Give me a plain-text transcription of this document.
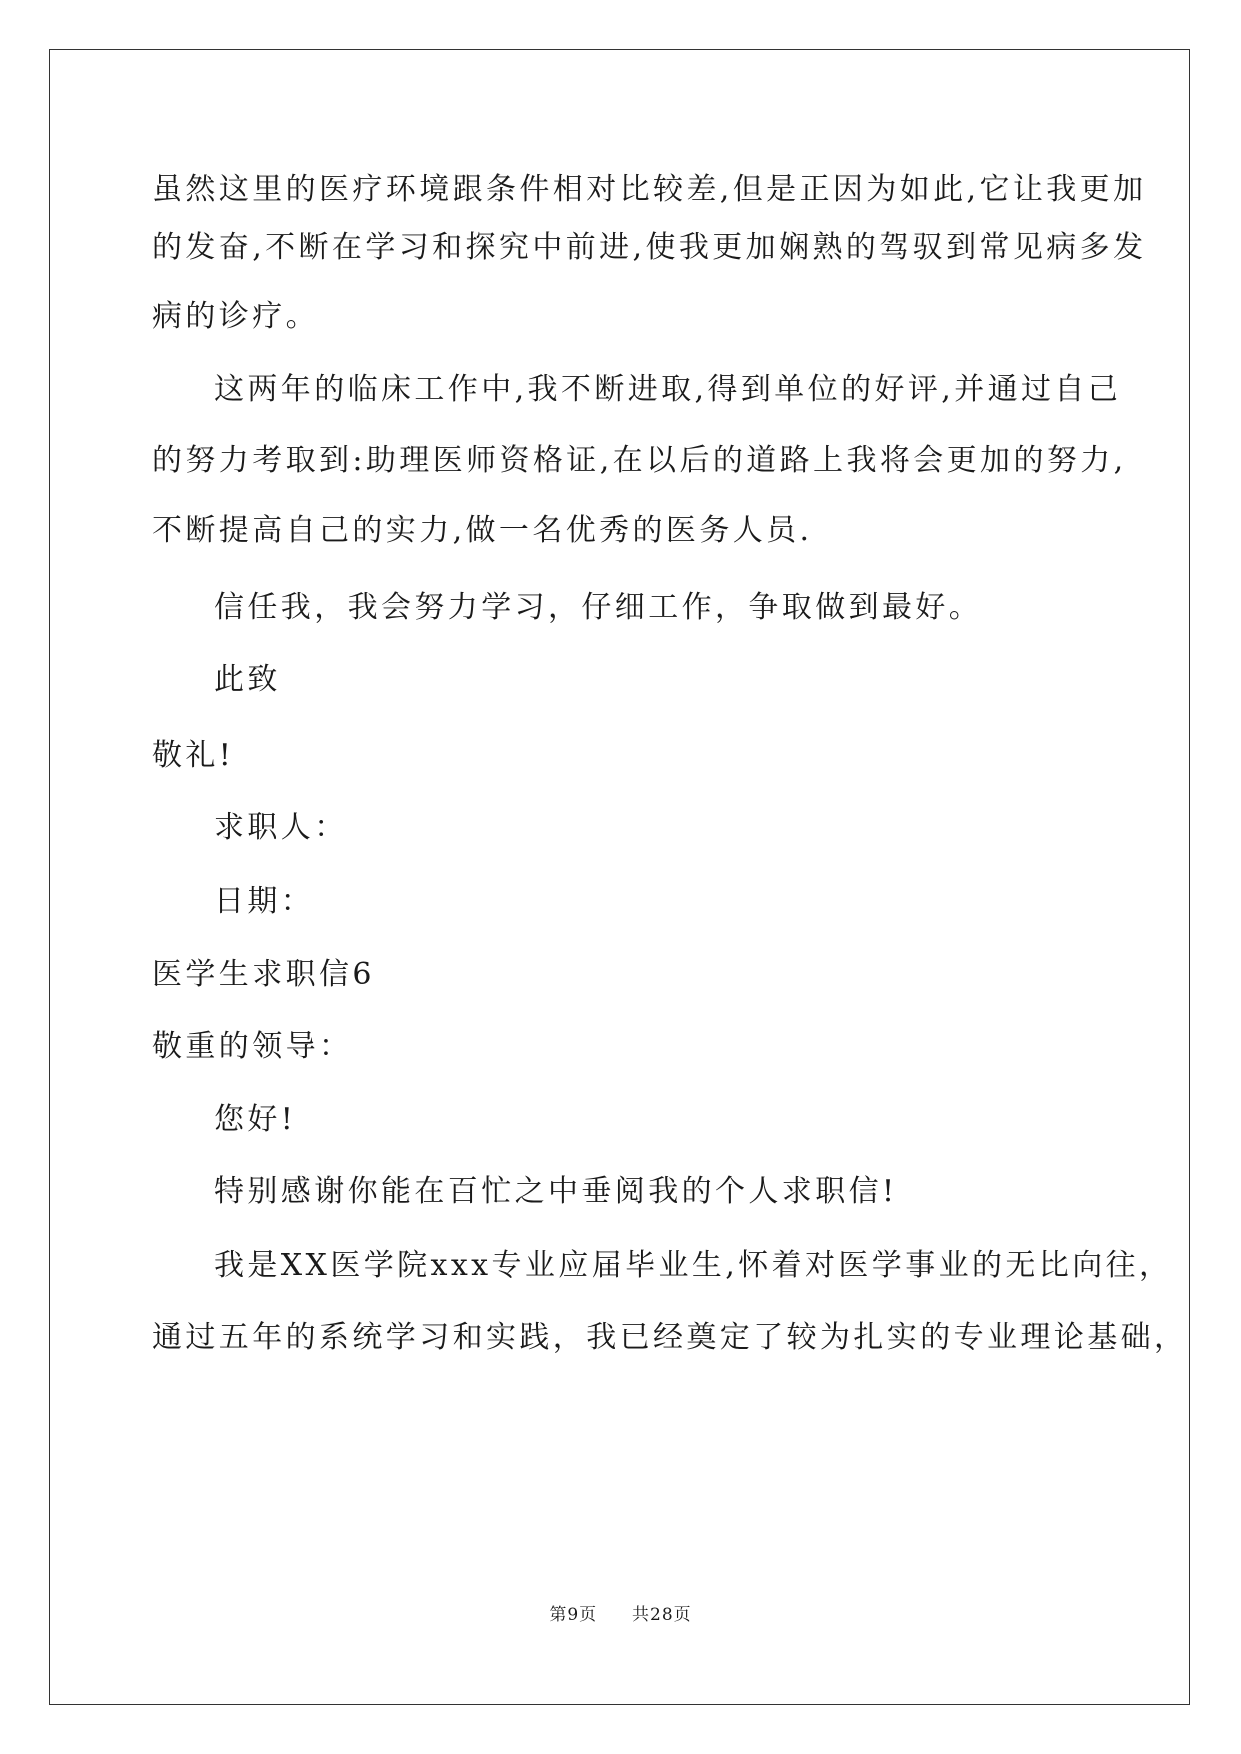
虽然这里的医疗环境跟条件相对比较差,但是正因为如此,它让我更加
的发奋,不断在学习和探究中前进,使我更加娴熟的驾驭到常见病多发
病的诊疗。
这两年的临床工作中,我不断进取,得到单位的好评,并通过自己
的努力考取到:助理医师资格证,在以后的道路上我将会更加的努力,
不断提高自己的实力,做一名优秀的医务人员.
信任我，我会努力学习，仔细工作，争取做到最好。
此致
敬礼!
求职人：
日期：
医学生求职信6
敬重的领导：
您好!
特别感谢你能在百忙之中垂阅我的个人求职信!
我是XX医学院xxx专业应届毕业生,怀着对医学事业的无比向往，
通过五年的系统学习和实践，我已经奠定了较为扎实的专业理论基础，
第9页 共28页
